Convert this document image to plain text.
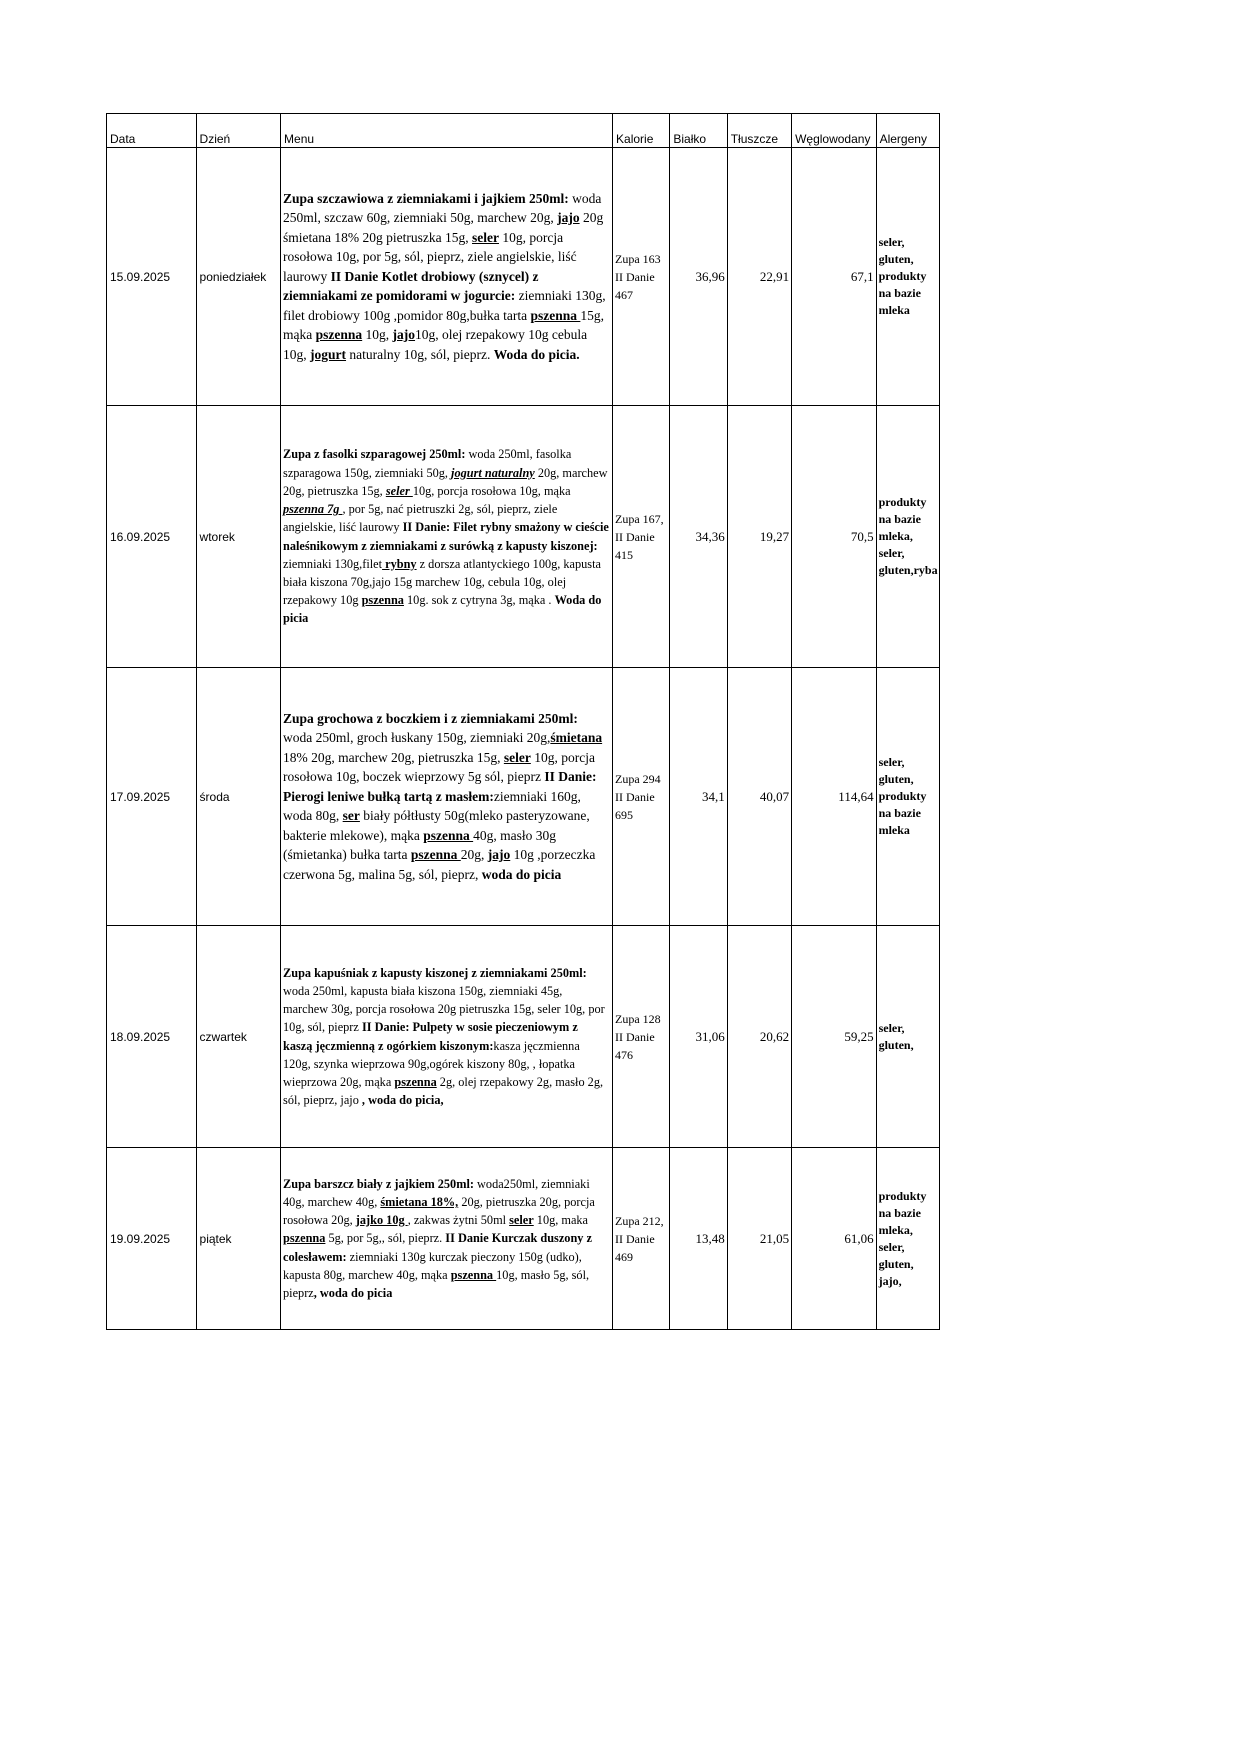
Data	Dzień	Menu	Kalorie	Białko	Tłuszcze	Węglowodany	Alergeny
15.09.2025	poniedziałek	Zupa szczawiowa z ziemniakami i jajkiem 250ml: woda 250ml, szczaw 60g, ziemniaki 50g, marchew 20g, jajo 20g śmietana 18% 20g pietruszka 15g, seler 10g, porcja rosołowa 10g, por 5g, sól, pieprz, ziele angielskie, liść laurowy II Danie Kotlet drobiowy (sznycel) z ziemniakami ze pomidorami w jogurcie: ziemniaki 130g, filet drobiowy 100g ,pomidor 80g,bułka tarta pszenna 15g, mąka pszenna 10g, jajo10g, olej rzepakowy 10g cebula 10g, jogurt naturalny 10g, sól, pieprz. Woda do picia.	Zupa 163 II Danie 467	36,96	22,91	67,1	seler, gluten, produkty na bazie mleka
16.09.2025	wtorek	Zupa z fasolki szparagowej 250ml: woda 250ml, fasolka szparagowa 150g, ziemniaki 50g, jogurt naturalny 20g, marchew 20g, pietruszka 15g, seler 10g, porcja rosołowa 10g, mąka pszenna 7g , por 5g, nać pietruszki 2g, sól, pieprz, ziele angielskie, liść laurowy II Danie: Filet rybny smażony w cieście naleśnikowym z ziemniakami z surówką z kapusty kiszonej: ziemniaki 130g,filet rybny z dorsza atlantyckiego 100g, kapusta biała kiszona 70g,jajo 15g marchew 10g, cebula 10g, olej rzepakowy 10g pszenna 10g. sok z cytryna 3g, mąka . Woda do picia	Zupa 167, II Danie 415	34,36	19,27	70,5	produkty na bazie mleka, seler, gluten,ryba
17.09.2025	środa	Zupa grochowa z boczkiem i z ziemniakami 250ml: woda 250ml, groch łuskany 150g, ziemniaki 20g,śmietana 18% 20g, marchew 20g, pietruszka 15g, seler 10g, porcja rosołowa 10g, boczek wieprzowy 5g sól, pieprz II Danie: Pierogi leniwe bułką tartą z masłem:ziemniaki 160g, woda 80g, ser biały półtłusty 50g(mleko pasteryzowane, bakterie mlekowe), mąka pszenna 40g, masło 30g (śmietanka) bułka tarta pszenna 20g, jajo 10g ,porzeczka czerwona 5g, malina 5g, sól, pieprz, woda do picia	Zupa 294 II Danie 695	34,1	40,07	114,64	seler, gluten, produkty na bazie mleka
18.09.2025	czwartek	Zupa kapuśniak z kapusty kiszonej z ziemniakami 250ml: woda 250ml, kapusta biała kiszona 150g, ziemniaki 45g, marchew 30g, porcja rosołowa 20g pietruszka 15g, seler 10g, por 10g, sól, pieprz II Danie: Pulpety w sosie pieczeniowym z kaszą jęczmienną z ogórkiem kiszonym:kasza jęczmienna 120g, szynka wieprzowa 90g,ogórek kiszony 80g, , łopatka wieprzowa 20g, mąka pszenna 2g, olej rzepakowy 2g, masło 2g, sól, pieprz, jajo , woda do picia,	Zupa 128 II Danie 476	31,06	20,62	59,25	seler, gluten,
19.09.2025	piątek	Zupa barszcz biały z jajkiem 250ml: woda250ml, ziemniaki 40g, marchew 40g, śmietana 18%, 20g, pietruszka 20g, porcja rosołowa 20g, jajko 10g , zakwas żytni 50ml seler 10g, maka pszenna 5g, por 5g,, sól, pieprz. II Danie Kurczak duszony z colesławem: ziemniaki 130g kurczak pieczony 150g (udko), kapusta 80g, marchew 40g, mąka pszenna 10g, masło 5g, sól, pieprz, woda do picia	Zupa 212, II Danie 469	13,48	21,05	61,06	produkty na bazie mleka, seler, gluten, jajo,
